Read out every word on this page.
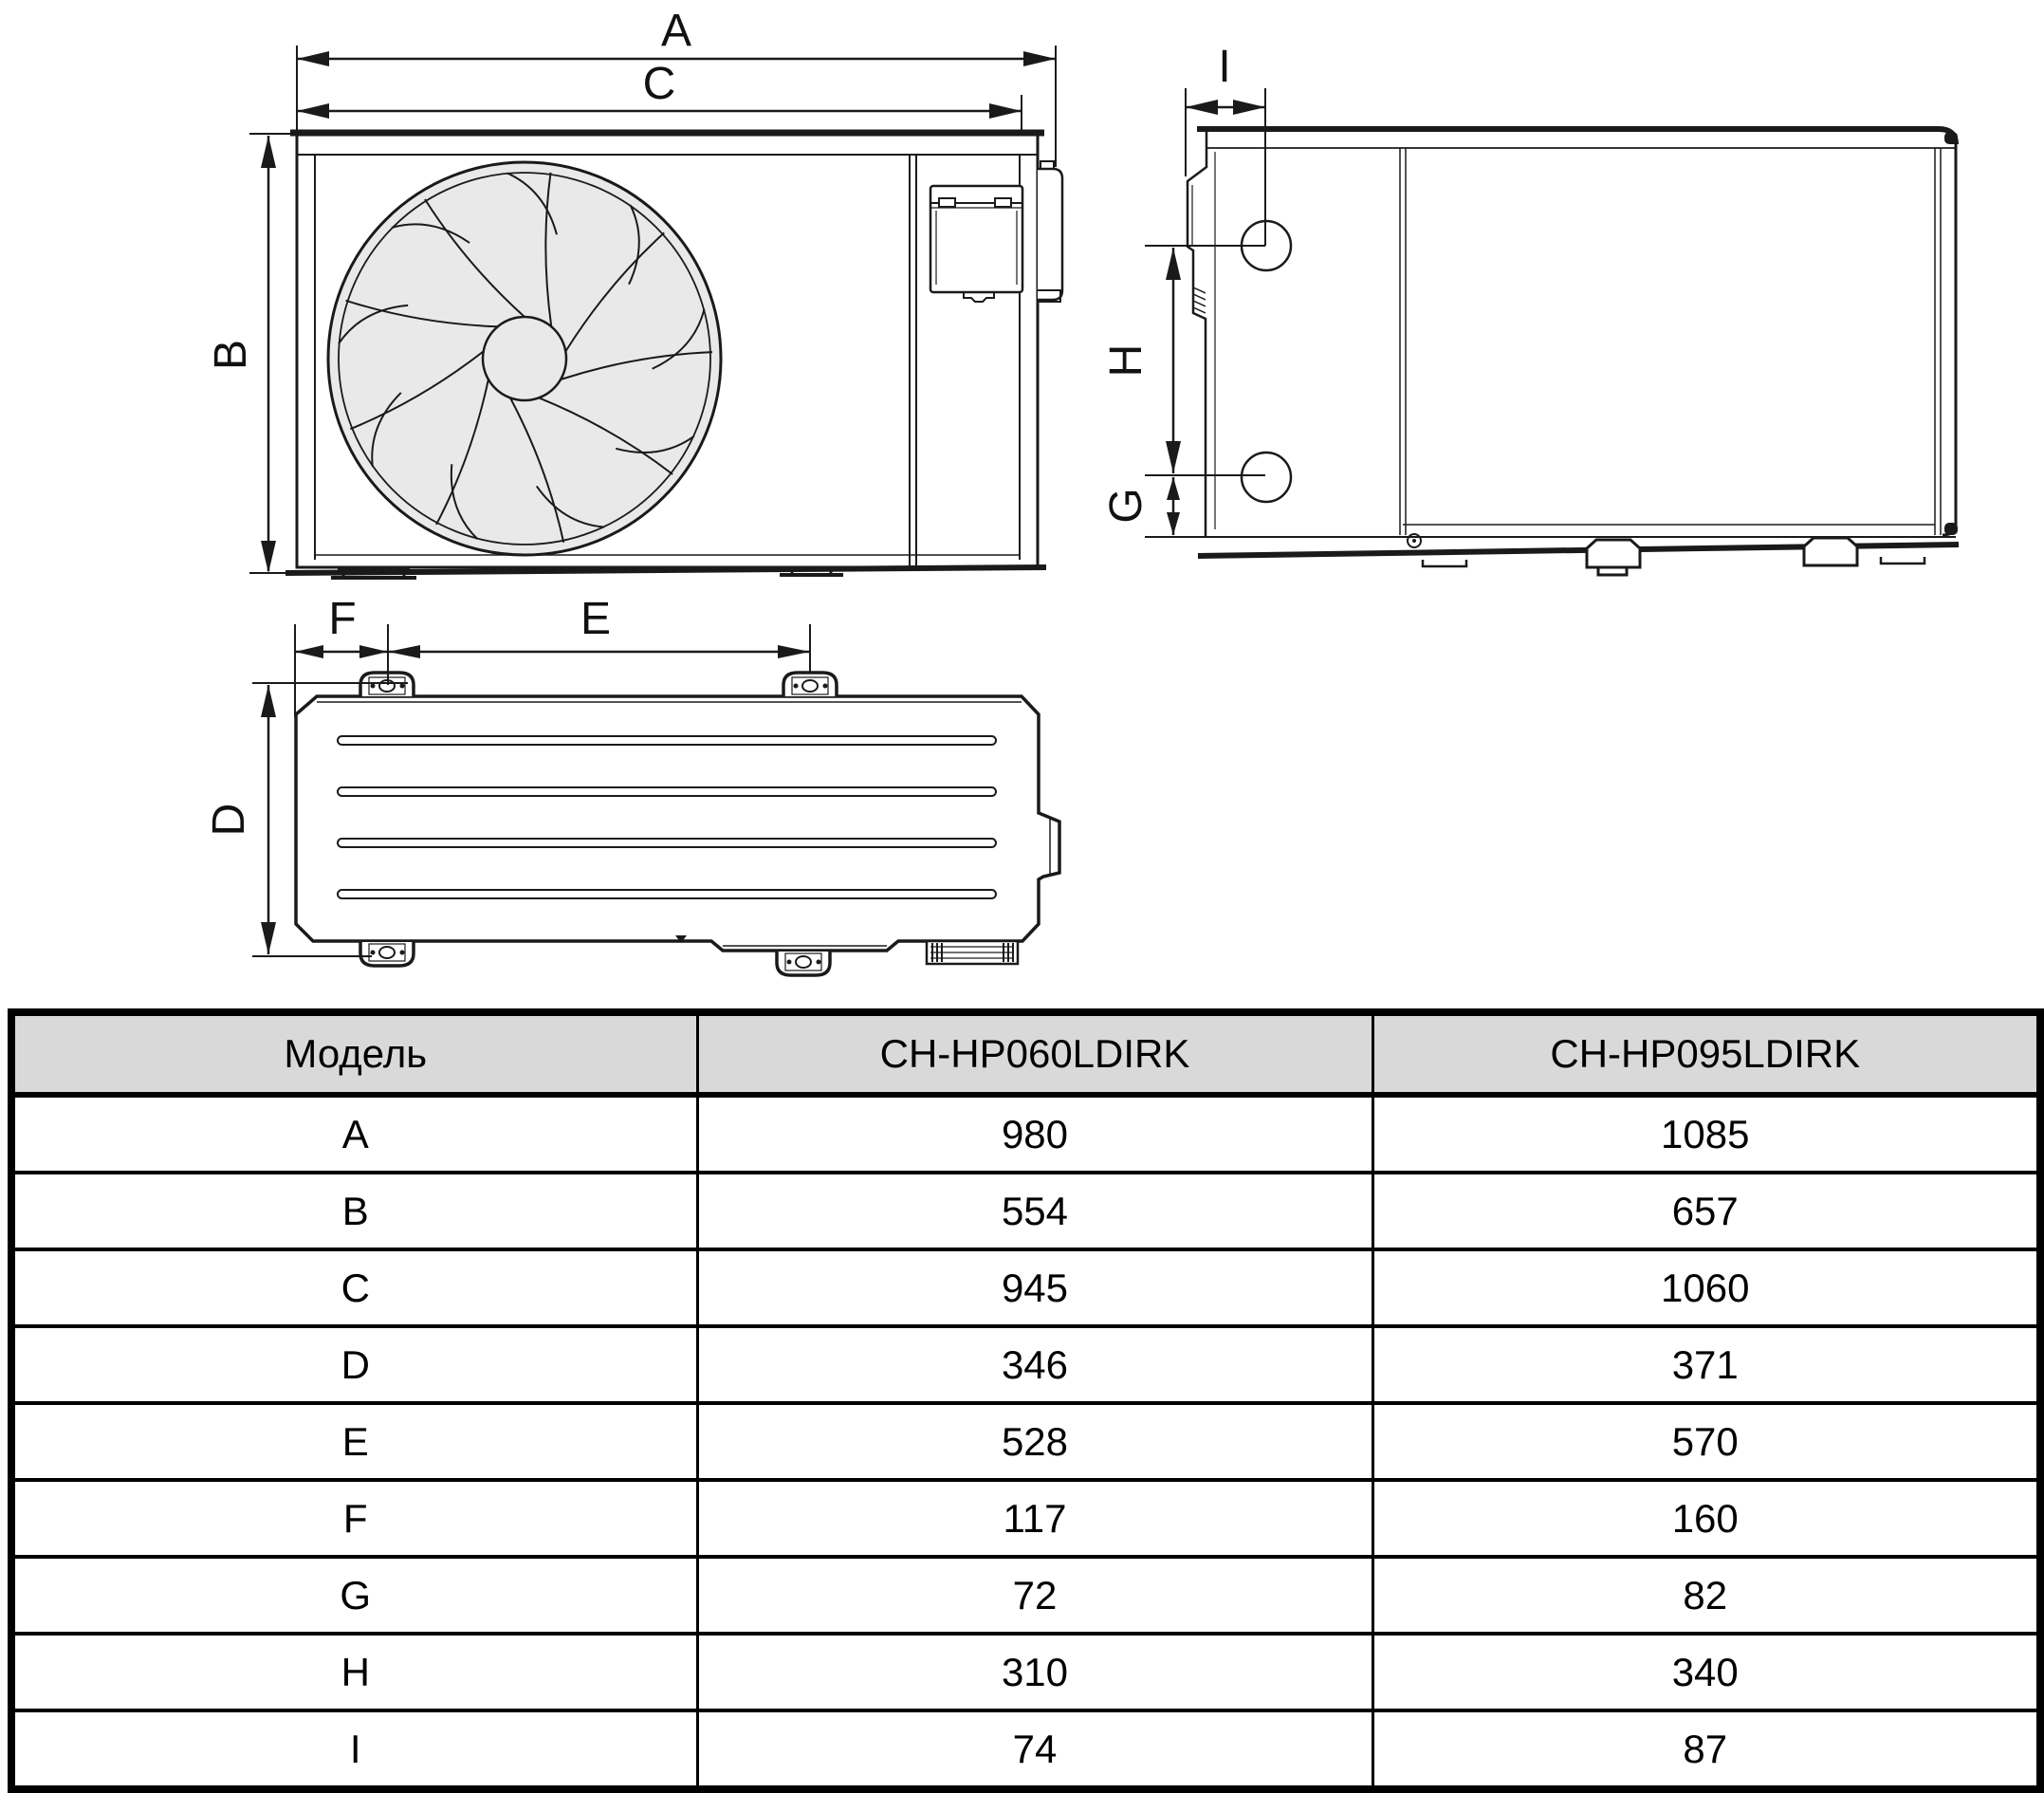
A
C
B
I
H
G
F	E
D
Модель	CH-HP060LDIRK	CH-HP095LDIRK
A	980	1085
B	554	657
C	945	1060
D	346	371
E	528	570
F	117	160
G	72	82
H	310	340
I	74	87
